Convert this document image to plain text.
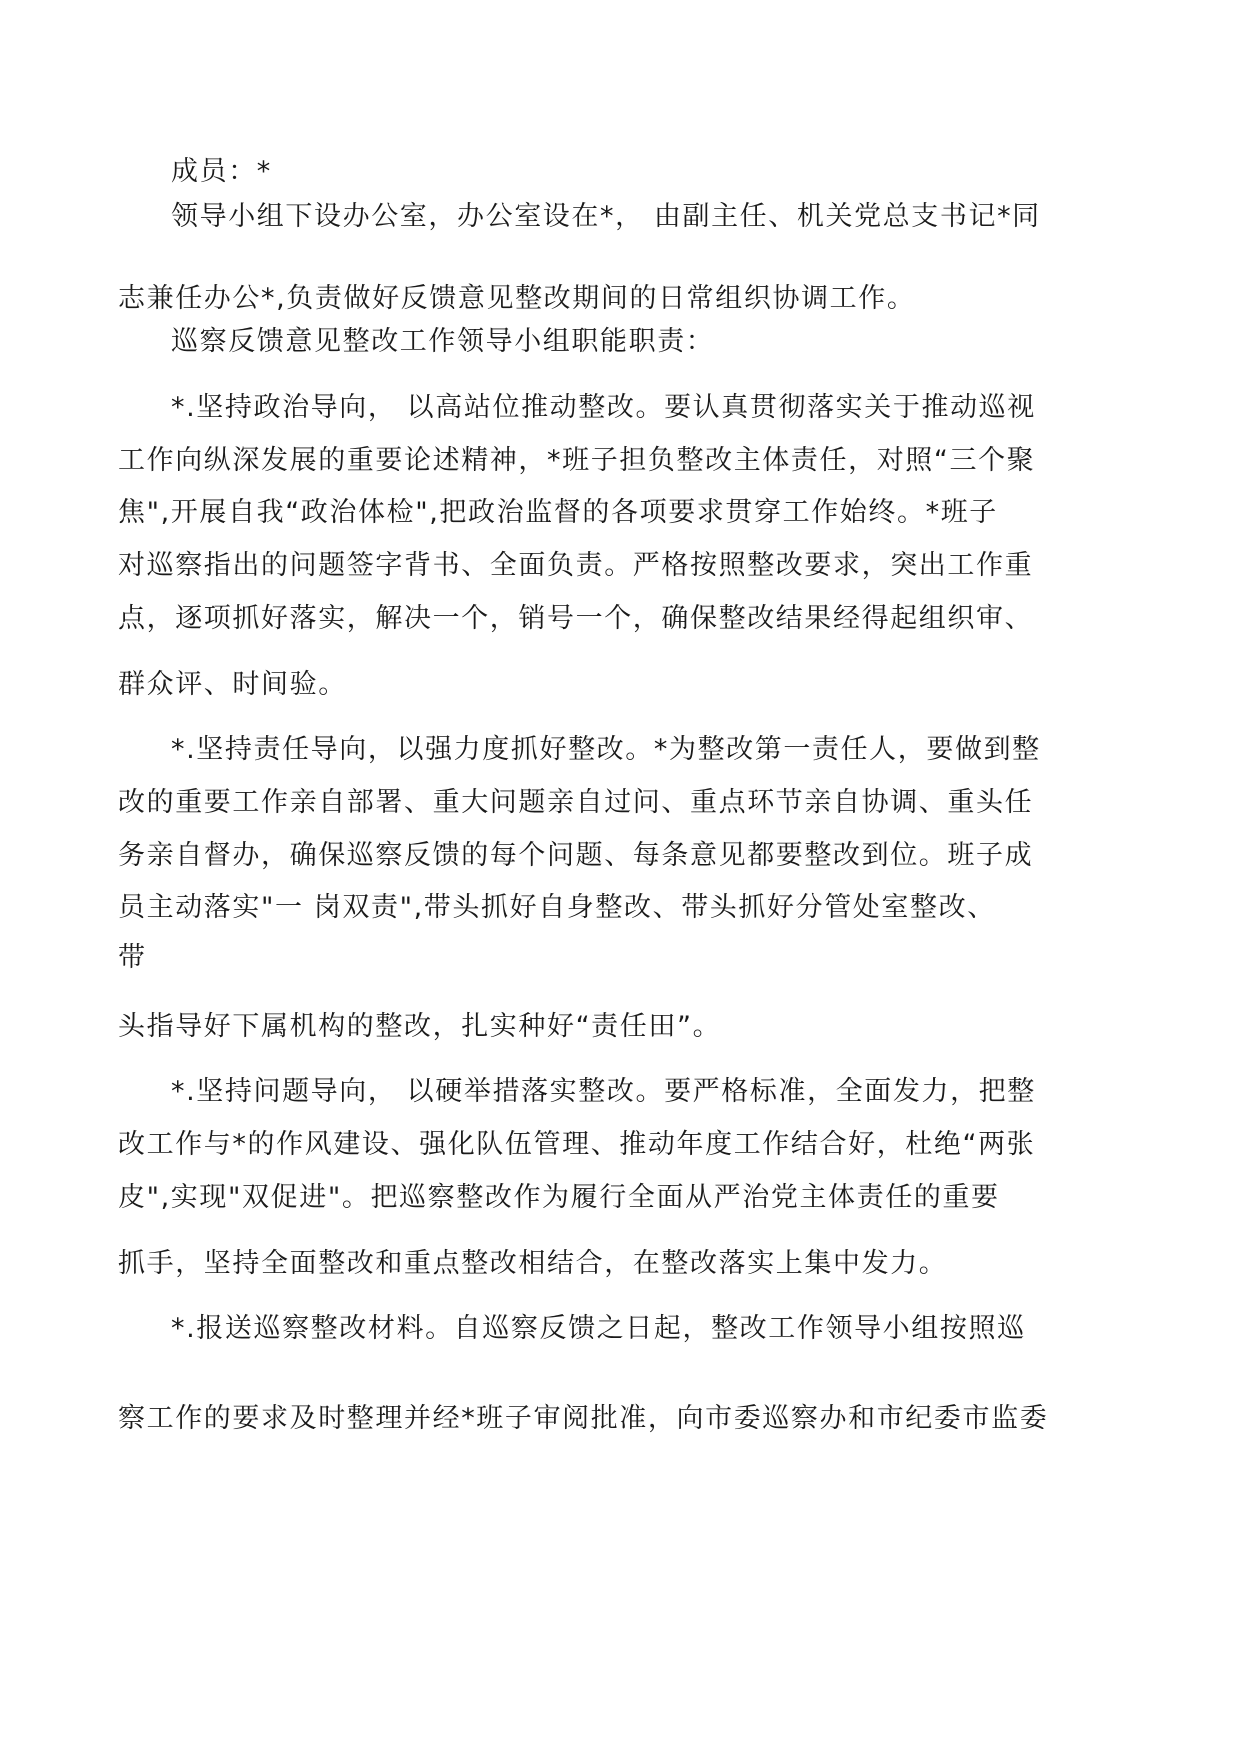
成员：*
领导小组下设办公室，办公室设在*， 由副主任、机关党总支书记*同
志兼任办公*,负责做好反馈意见整改期间的日常组织协调工作。
巡察反馈意见整改工作领导小组职能职责：
*.坚持政治导向， 以高站位推动整改。要认真贯彻落实关于推动巡视
工作向纵深发展的重要论述精神，*班子担负整改主体责任，对照“三个聚
焦",开展自我“政治体检",把政治监督的各项要求贯穿工作始终。*班子
对巡察指出的问题签字背书、全面负责。严格按照整改要求，突出工作重
点，逐项抓好落实，解决一个，销号一个，确保整改结果经得起组织审、
群众评、时间验。
*.坚持责任导向，以强力度抓好整改。*为整改第一责任人，要做到整
改的重要工作亲自部署、重大问题亲自过问、重点环节亲自协调、重头任
务亲自督办，确保巡察反馈的每个问题、每条意见都要整改到位。班子成
员主动落实"一 岗双责",带头抓好自身整改、带头抓好分管处室整改、
带
头指导好下属机构的整改，扎实种好“责任田”。
*.坚持问题导向， 以硬举措落实整改。要严格标准，全面发力，把整
改工作与*的作风建设、强化队伍管理、推动年度工作结合好，杜绝“两张
皮",实现"双促进"。把巡察整改作为履行全面从严治党主体责任的重要
抓手，坚持全面整改和重点整改相结合，在整改落实上集中发力。
*.报送巡察整改材料。自巡察反馈之日起，整改工作领导小组按照巡
察工作的要求及时整理并经*班子审阅批准，向市委巡察办和市纪委市监委
